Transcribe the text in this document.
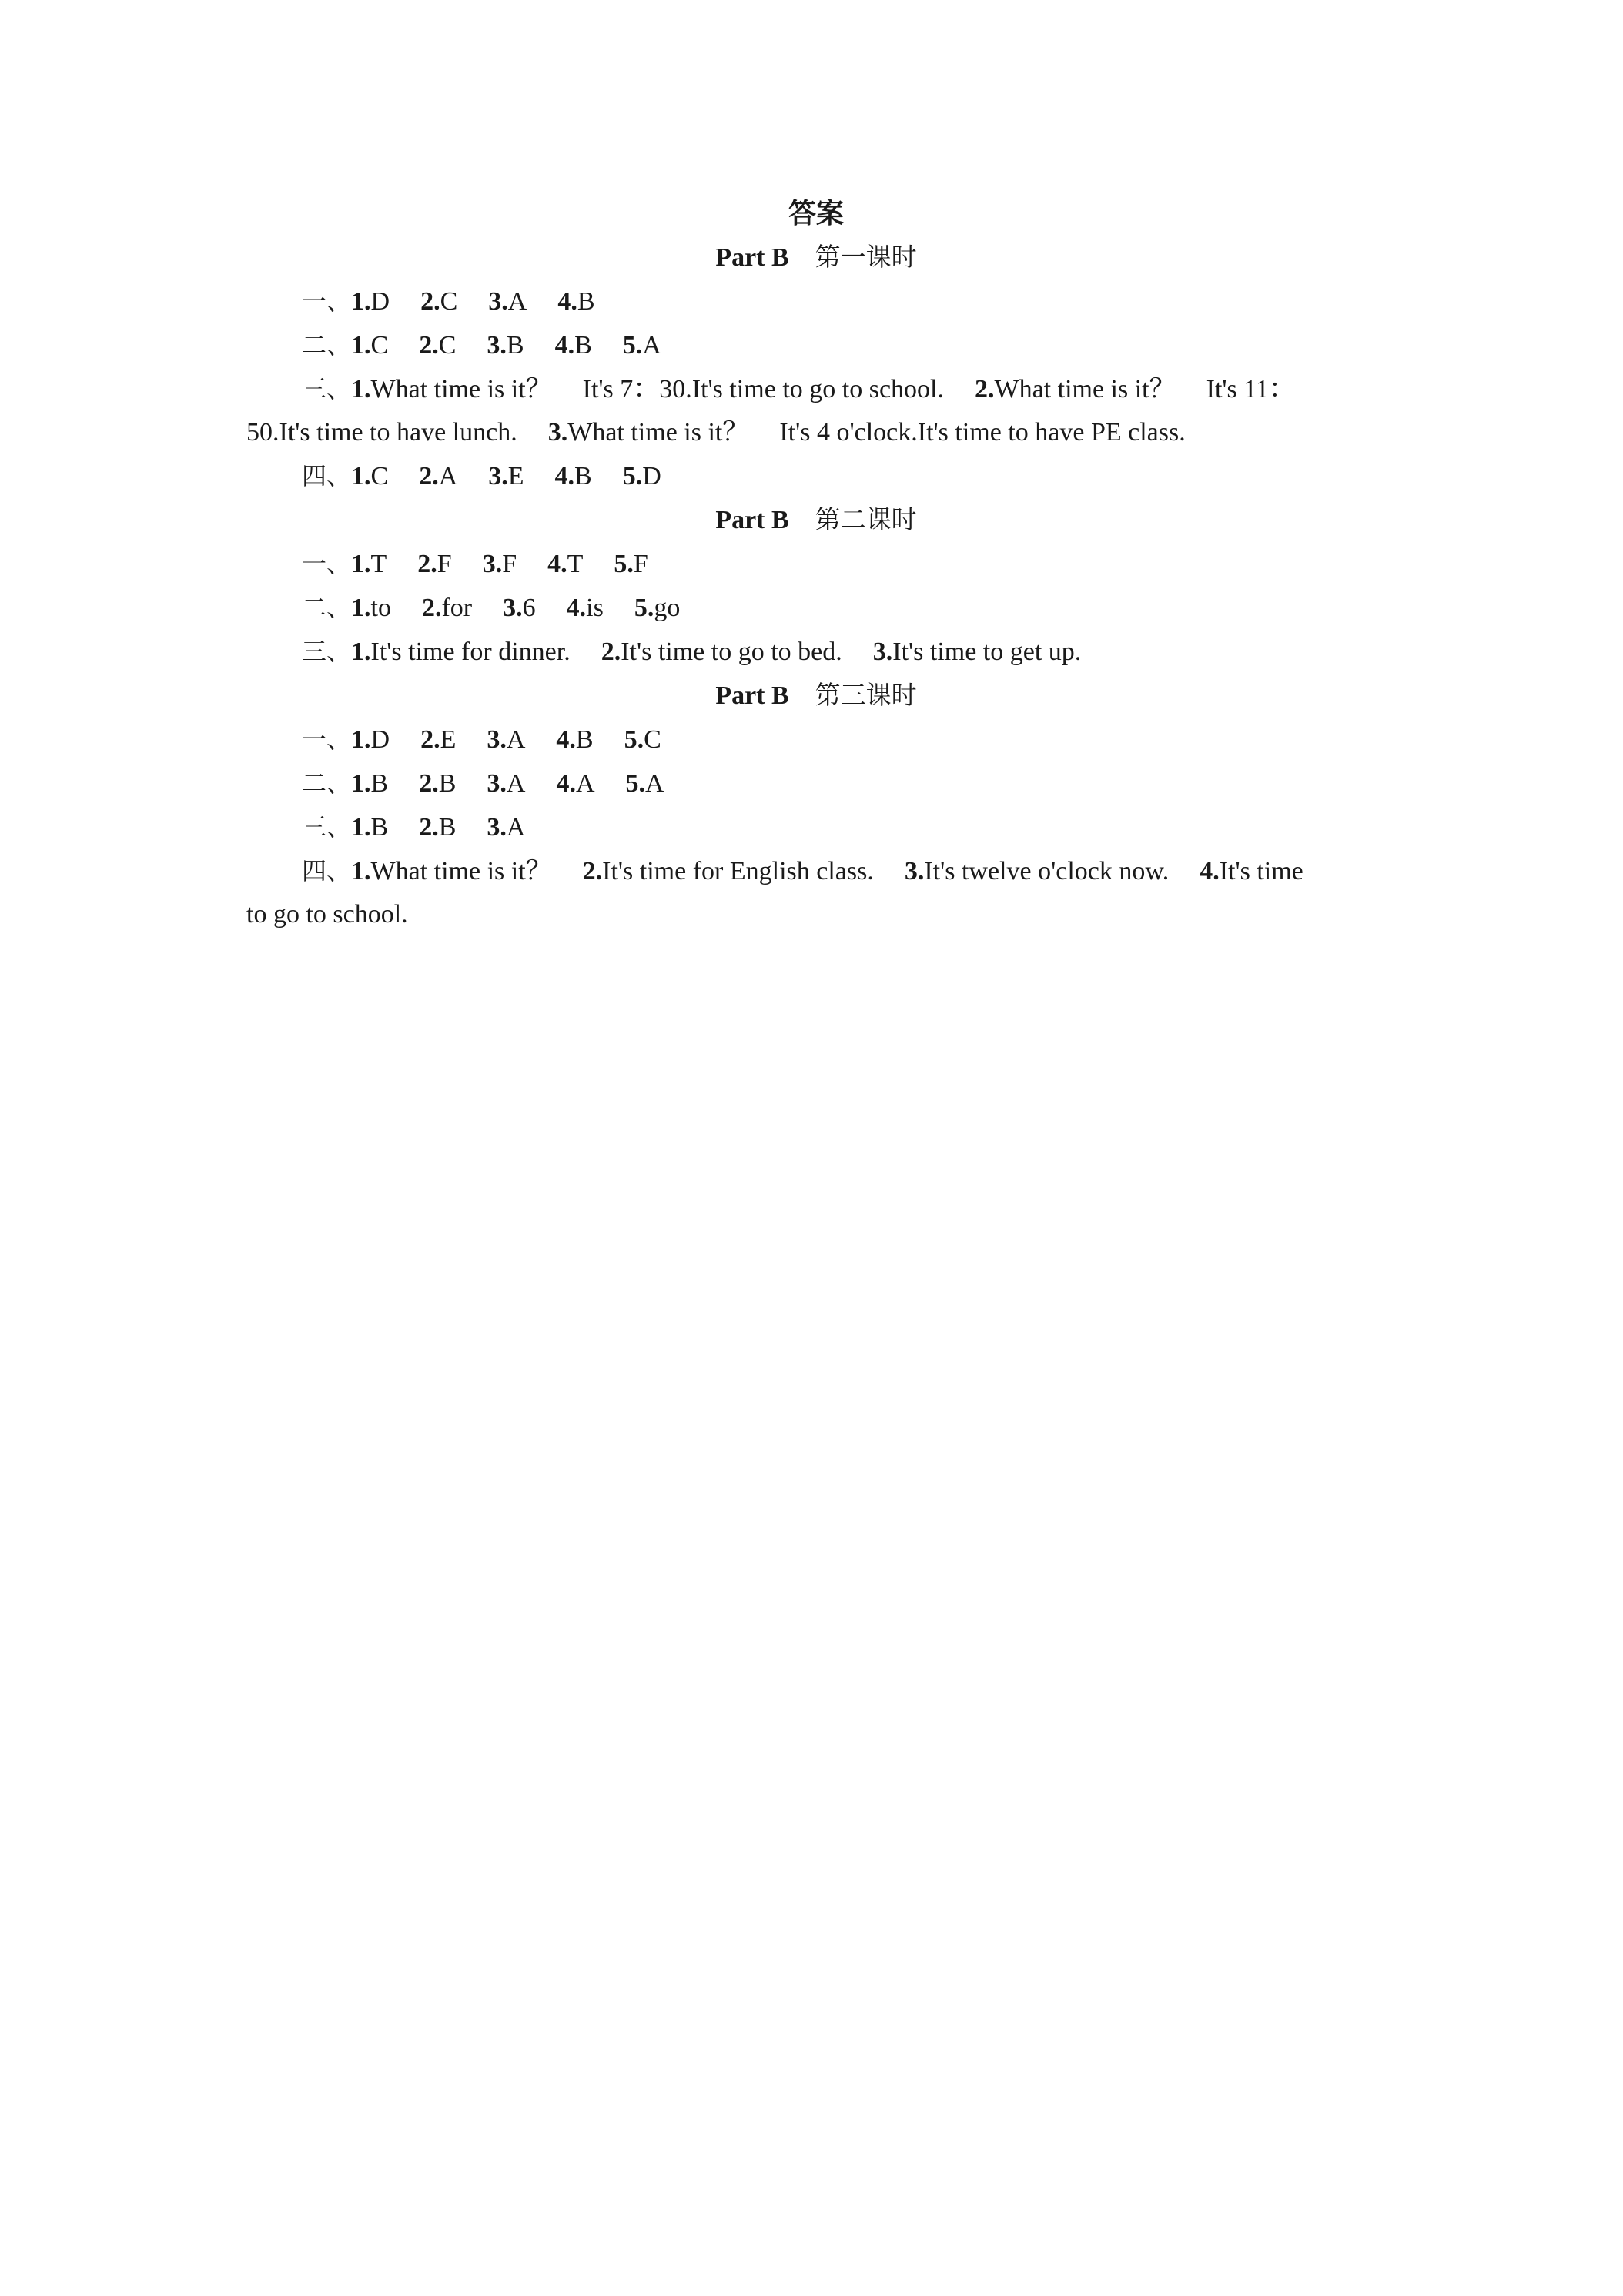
答案

Part B 第一课时

一、1.D 2.C 3.A 4.B

二、1.C 2.C 3.B 4.B 5.A

三、1.What time is it？ It's 7：30.It's time to go to school. 2.What time is it？ It's 11：

50.It's time to have lunch. 3.What time is it？ It's 4 o'clock.It's time to have PE class.

四、1.C 2.A 3.E 4.B 5.D

Part B 第二课时

一、1.T 2.F 3.F 4.T 5.F

二、1.to 2.for 3.6 4.is 5.go

三、1.It's time for dinner. 2.It's time to go to bed. 3.It's time to get up.

Part B 第三课时

一、1.D 2.E 3.A 4.B 5.C

二、1.B 2.B 3.A 4.A 5.A

三、1.B 2.B 3.A

四、1.What time is it？ 2.It's time for English class. 3.It's twelve o'clock now. 4.It's time

to go to school.
